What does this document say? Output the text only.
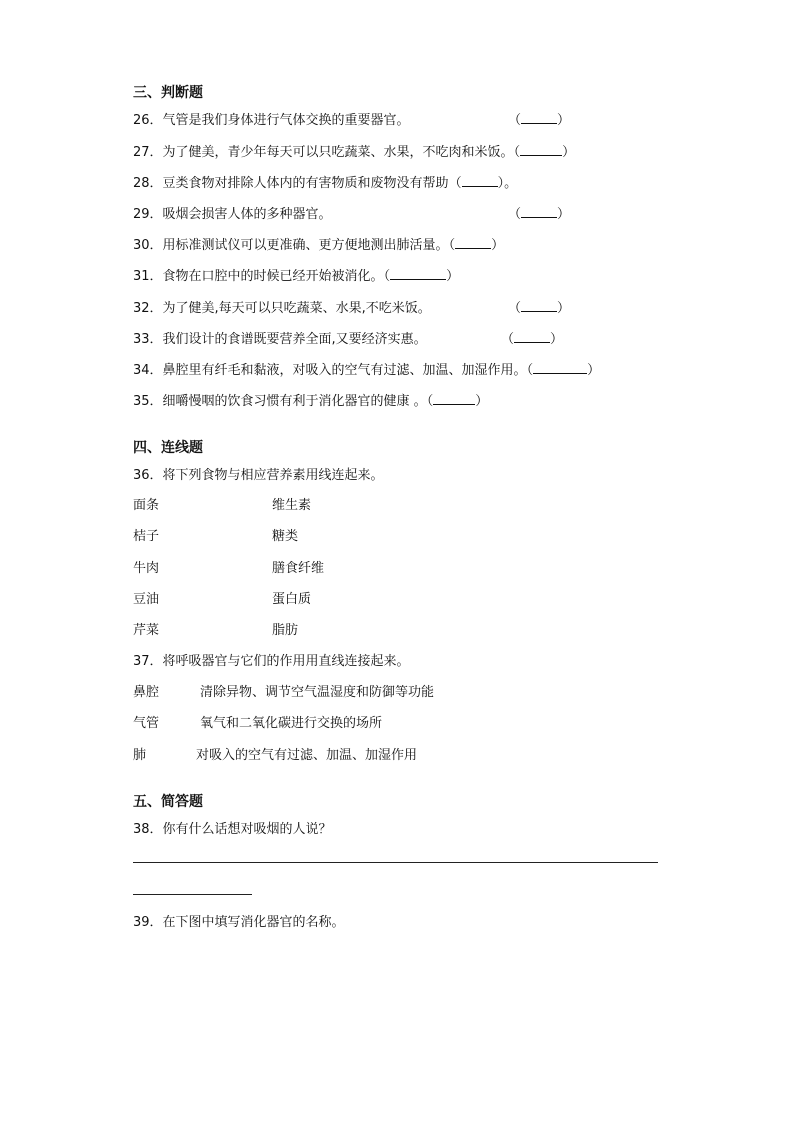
三、判断题
26．气管是我们身体进行气体交换的重要器官。	（	）
27．为了健美，青少年每天可以只吃蔬菜、水果，不吃肉和米饭。（	）
28．豆类食物对排除人体内的有害物质和废物没有帮助（	）。
29．吸烟会损害人体的多种器官。	（	）
30．用标准测试仪可以更准确、更方便地测出肺活量。（	）
31．食物在口腔中的时候已经开始被消化。（	）
32．为了健美,每天可以只吃蔬菜、水果,不吃米饭。	（	）
33．我们设计的食谱既要营养全面,又要经济实惠。	（	）
34．鼻腔里有纤毛和黏液，对吸入的空气有过滤、加温、加湿作用。（	）
35．细嚼慢咽的饮食习惯有利于消化器官的健康 。（	）
四、连线题
36．将下列食物与相应营养素用线连起来。
面条	维生素
桔子	糖类
牛肉	膳食纤维
豆油	蛋白质
芹菜	脂肪
37．将呼吸器官与它们的作用用直线连接起来。
鼻腔	清除异物、调节空气温湿度和防御等功能
气管	氧气和二氧化碳进行交换的场所
肺	对吸入的空气有过滤、加温、加湿作用
五、简答题
38．你有什么话想对吸烟的人说？
39．在下图中填写消化器官的名称。
